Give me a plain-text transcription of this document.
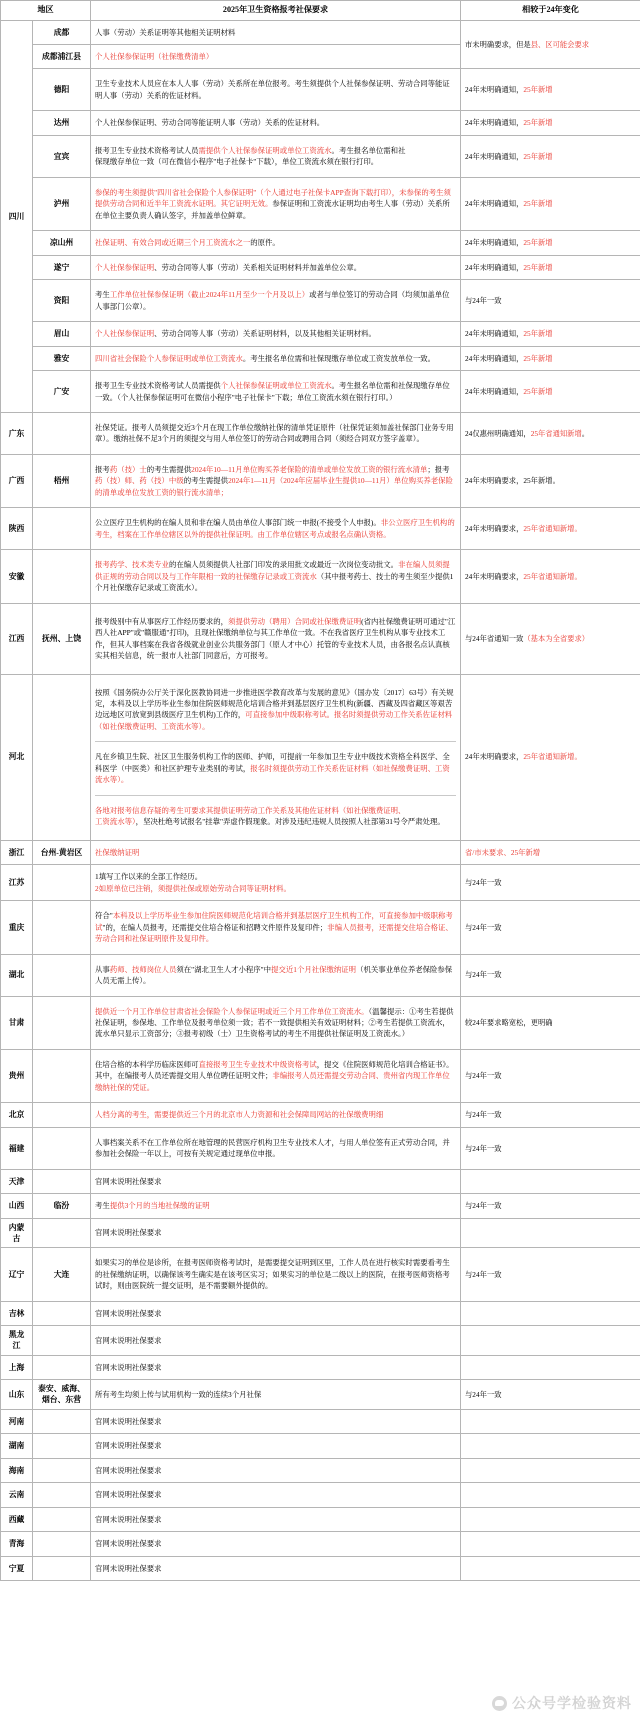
地区		2025年卫生资格报考社保要求	相较于24年变化
四川	成都	人事（劳动）关系证明等其他相关证明材料	市未明确要求，但是县、区可能会要求
	成都浦江县	个人社保参保证明（社保缴费清单）	

	德阳	卫生专业技术人员应在本人人事（劳动）关系所在单位报考。考生须提供个人社保参保证明、劳动合同等能证明人事（劳动）关系的佐证材料。	24年未明确通知，25年新增
	达州	个人社保参保证明、劳动合同等能证明人事（劳动）关系的佐证材料。	24年未明确通知，25年新增
	宜宾	报考卫生专业技术资格考试人员需提供个人社保参保证明或单位工资流水。考生报名单位需和社
保现缴存单位一致（可在微信小程序"电子社保卡"下载），单位工资流水须在银行打印。	24年未明确通知，25年新增
	泸州	参保的考生须提供"四川省社会保险个人参保证明"（个人通过电子社保卡APP查询下载打印），未参保的考生须提供劳动合同和近半年工资流水证明。其它证明无效。参保证明和工资流水证明均由考生人事（劳动）关系所在单位主要负责人确认签字，并加盖单位鲜章。	24年未明确通知，25年新增
	凉山州	社保证明、有效合同或近期三个月工资流水之一的原件。	24年未明确通知，25年新增
	遂宁	个人社保参保证明、劳动合同等人事（劳动）关系相关证明材料并加盖单位公章。	24年未明确通知，25年新增
	资阳	考生工作单位社保参保证明（截止2024年11月至少一个月及以上）或者与单位签订的劳动合同（均须加盖单位人事部门公章）。	与24年一致
	眉山	个人社保参保证明、劳动合同等人事（劳动）关系证明材料，以及其他相关证明材料。	24年未明确通知，25年新增
	雅安	四川省社会保险个人参保证明或单位工资流水。考生报名单位需和社保现缴存单位或工资发放单位一致。	24年未明确通知，25年新增
	广安	报考卫生专业技术资格考试人员需提供个人社保参保证明或单位工资流水。考生报名单位需和社保现缴存单位一致。（个人社保参保证明可在微信小程序"电子社保卡"下载；单位工资流水须在银行打印。）	24年未明确通知，25年新增
广东		社保凭证。报考人员须提交近3个月在现工作单位缴纳社保的清单凭证原件（社保凭证须加盖社保部门业务专用章）。缴纳社保不足3个月的须提交与用人单位签订的劳动合同或聘用合同（须经合同双方签字盖章）。	24仅惠州明确通知，25年省通知新增。
广西	梧州	报考药（技）士的考生需提供2024年10—11月单位购买养老保险的清单或单位发放工资的银行流水清单；报考药（技）师、药（技）中级的考生需提供2024年1—11月（2024年应届毕业生提供10—11月）单位购买养老保险的清单或单位发放工资的银行流水清单；	24年未明确要求，25年新增。
陕西		公立医疗卫生机构的在编人员和非在编人员由单位人事部门统一申报(不接受个人申报)。非公立医疗卫生机构的考生，档案在工作单位辖区以外的提供社保证明。由工作单位辖区考点或报名点确认资格。	24年未明确要求，25年省通知新增。
安徽		报考药学、技术类专业的在编人员须提供人社部门印发的录用批文或最近一次岗位变动批文。非在编人员须提供正规的劳动合同以及与工作年限相一致的社保缴存记录或工资流水（其中报考药士、技士的考生须至少提供1个月社保缴存记录或工资流水）。	24年未明确要求，25年省通知新增。
江西	抚州、上饶	报考级别中有从事医疗工作经历要求的，须提供劳动（聘用）合同或社保缴费证明(省内社保缴费证明可通过"江西人社APP"或"赣服通"打印)，且现社保缴纳单位与其工作单位一致。不在我省医疗卫生机构从事专业技术工作，但其人事档案在我省各级就业创业公共服务部门（原人才中心）托管的专业技术人员，由各报名点认真核实其相关信息，统一报市人社部门同意后，方可报考。	与24年省通知一致（基本为全省要求）
河北		按照《国务院办公厅关于深化医教协同进一步推进医学教育改革与发展的意见》（国办发〔2017〕63号）有关规定，本科及以上学历毕业生参加住院医师规范化培训合格并到基层医疗卫生机构(新疆、西藏及四省藏区等艰苦边远地区可放宽到县级医疗卫生机构)工作的，可直接参加中级职称考试。报名时须提供劳动工作关系佐证材料（如社保缴费证明、工资流水等）。
凡在乡镇卫生院、社区卫生服务机构工作的医师、护师，可提前一年参加卫生专业中级技术资格全科医学、全科医学（中医类）和社区护理专业类别的考试，报名时须提供劳动工作关系佐证材料（如社保缴费证明、工资流水等）。
各地对报考信息存疑的考生可要求其提供证明劳动工作关系及其他佐证材料（如社保缴费证明、
工资流水等），坚决杜绝考试报名"挂靠"弄虚作假现象。对涉及违纪违规人员按照人社部第31号令严肃处理。	24年未明确要求，25年省通知新增。
浙江	台州-黄岩区	社保缴纳证明	省/市未要求、25年新增
江苏		1填写工作以来的全部工作经历。
2如原单位已注销，须提供社保或原始劳动合同等证明材料。	与24年一致
重庆		符合"本科及以上学历毕业生参加住院医师规范化培训合格并到基层医疗卫生机构工作，可直接参加中级职称考试"的，在编人员报考，还需提交住培合格证和招聘文件原件及复印件；非编人员报考，还需提交住培合格证、劳动合同和社保证明原件及复印件。	与24年一致
湖北		从事药师、技师岗位人员须在"湖北卫生人才小程序"中提交近1个月社保缴纳证明（机关事业单位养老保险参保人员无需上传）。	与24年一致
甘肃		提供近一个月工作单位甘肃省社会保险个人参保证明或近三个月工作单位工资流水。（温馨提示：①考生若提供社保证明，参保地、工作单位及报考单位须一致；若不一致提供相关有效证明材料；②考生若提供工资流水，流水单只显示工资部分；③报考初级（士）卫生资格考试的考生不用提供社保证明及工资流水。）	较24年要求略宽松，更明确
贵州		住培合格的本科学历临床医师可直接报考卫生专业技术中级资格考试，提交《住院医师规范化培训合格证书》。其中，在编报考人员还需提交用人单位聘任证明文件；非编报考人员还需提交劳动合同、贵州省内现工作单位缴纳社保的凭证。	与24年一致
北京		人档分离的考生，需要提供近三个月的北京市人力资源和社会保障局网站的社保缴费明细	与24年一致
福建		人事档案关系不在工作单位所在地管理的民营医疗机构卫生专业技术人才，与用人单位签有正式劳动合同，并参加社会保险一年以上，可按有关规定通过现单位申报。	与24年一致
天津		官网未说明社保要求	

山西	临汾	考生提供3个月的当地社保缴的证明	与24年一致
内蒙古		官网未说明社保要求	

辽宁	大连	如果实习的单位是诊所，在报考医师资格考试时，是需要提交证明到区里，工作人员在进行核实时需要看考生的社保缴纳证明，以确保该考生确实是在该考区实习；如果实习的单位是二级以上的医院，在报考医师资格考试时，则由医院统一提交证明，是不需要额外提供的。	与24年一致
吉林		官网未说明社保要求	

黑龙江		官网未说明社保要求	

上海		官网未说明社保要求	

山东	泰安、威海、烟台、东营	所有考生均须上传与试用机构一致的连续3个月社保	与24年一致
河南		官网未说明社保要求	

湖南		官网未说明社保要求	

海南		官网未说明社保要求	

云南		官网未说明社保要求	

西藏		官网未说明社保要求	

青海		官网未说明社保要求	

宁夏		官网未说明社保要求	

公众号学检验资料
